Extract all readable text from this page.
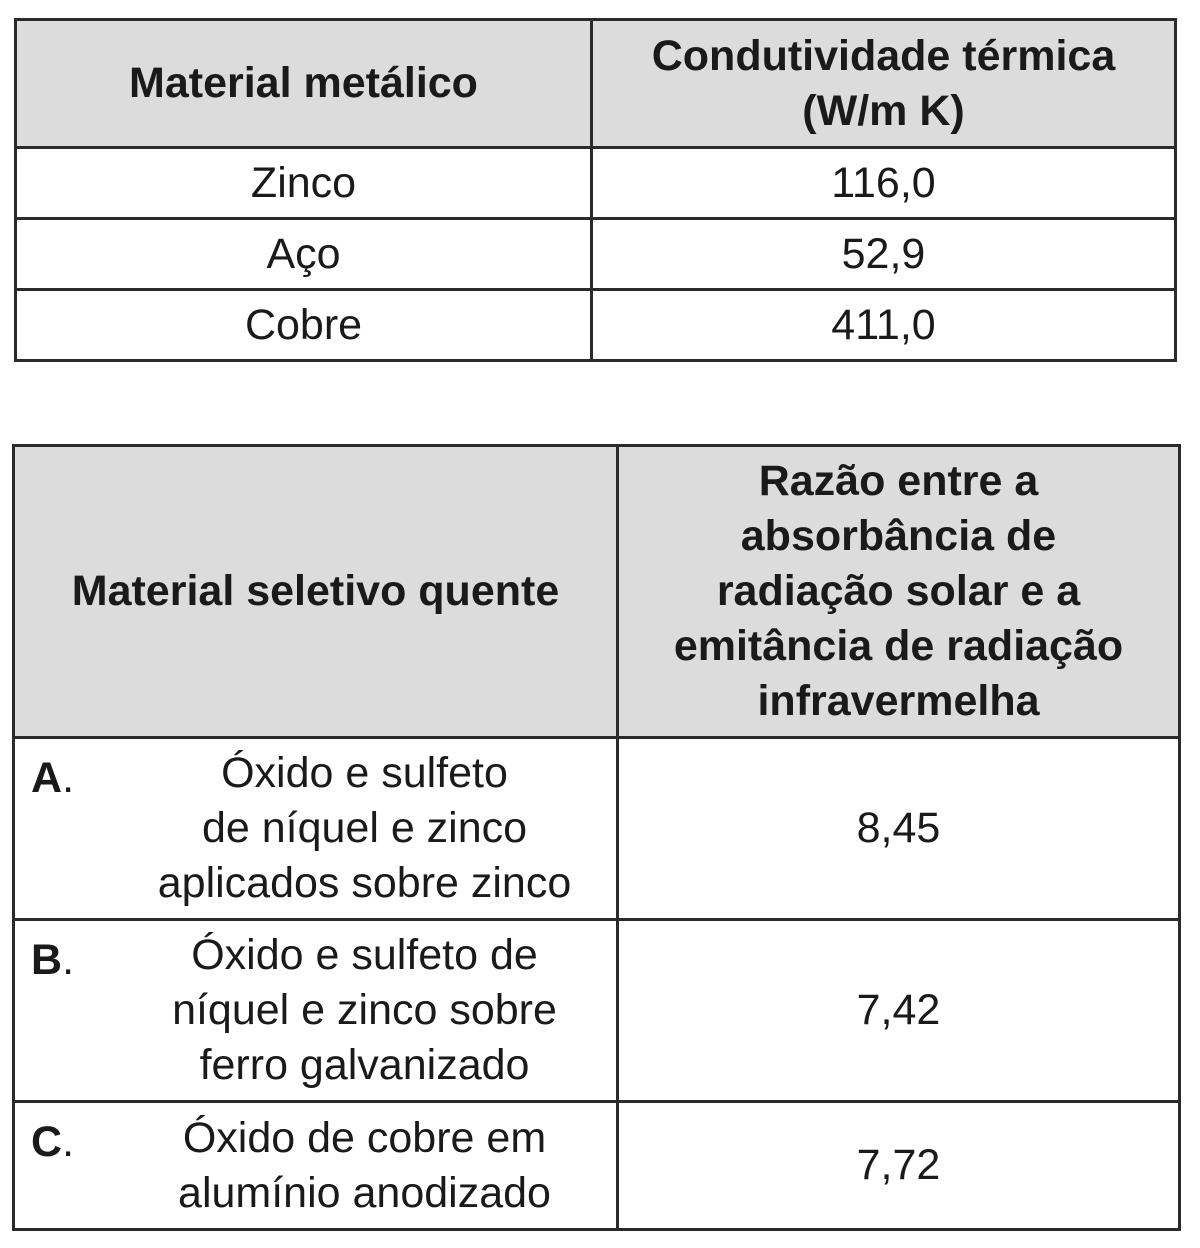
Material metálico	Condutividade térmica
(W/m K)

Zinco	116,0
Aço	52,9
Cobre	411,0
Material seletivo quente	Razão entre a
absorbância de
radiação solar e a
emitância de radiação
infravermelha

A. Óxido e sulfeto
de níquel e zinco
aplicados sobre zinco	8,45

B. Óxido e sulfeto de
níquel e zinco sobre
ferro galvanizado	7,42

C. Óxido de cobre em
alumínio anodizado	7,72
